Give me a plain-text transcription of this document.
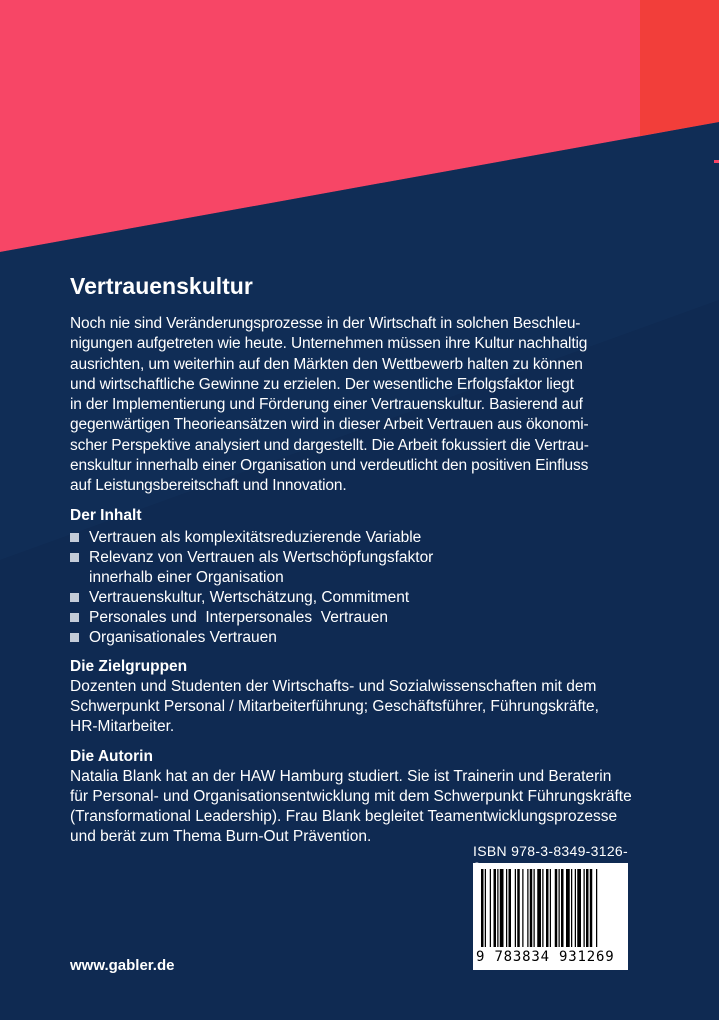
Vertrauenskultur
Noch nie sind Veränderungsprozesse in der Wirtschaft in solchen Beschleu-
nigungen aufgetreten wie heute. Unternehmen müssen ihre Kultur nachhaltig
ausrichten, um weiterhin auf den Märkten den Wettbewerb halten zu können
und wirtschaftliche Gewinne zu erzielen. Der wesentliche Erfolgsfaktor liegt
in der Implementierung und Förderung einer Vertrauenskultur. Basierend auf
gegenwärtigen Theorieansätzen wird in dieser Arbeit Vertrauen aus ökonomi-
scher Perspektive analysiert und dargestellt. Die Arbeit fokussiert die Vertrau-
enskultur innerhalb einer Organisation und verdeutlicht den positiven Einfluss
auf Leistungsbereitschaft und Innovation.
Der Inhalt
Vertrauen als komplexitätsreduzierende Variable
Relevanz von Vertrauen als Wertschöpfungsfaktor
innerhalb einer Organisation
Vertrauenskultur, Wertschätzung, Commitment
Personales und  Interpersonales  Vertrauen
Organisationales Vertrauen
Die Zielgruppen
Dozenten und Studenten der Wirtschafts- und Sozialwissenschaften mit dem
Schwerpunkt Personal / Mitarbeiterführung; Geschäftsführer, Führungskräfte,
HR-Mitarbeiter.
Die Autorin
Natalia Blank hat an der HAW Hamburg studiert. Sie ist Trainerin und Beraterin
für Personal- und Organisationsentwicklung mit dem Schwerpunkt Führungskräfte
(Transformational Leadership). Frau Blank begleitet Teamentwicklungsprozesse
und berät zum Thema Burn-Out Prävention.
ISBN 978-3-8349-3126-
9 783834 931269
www.gabler.de
